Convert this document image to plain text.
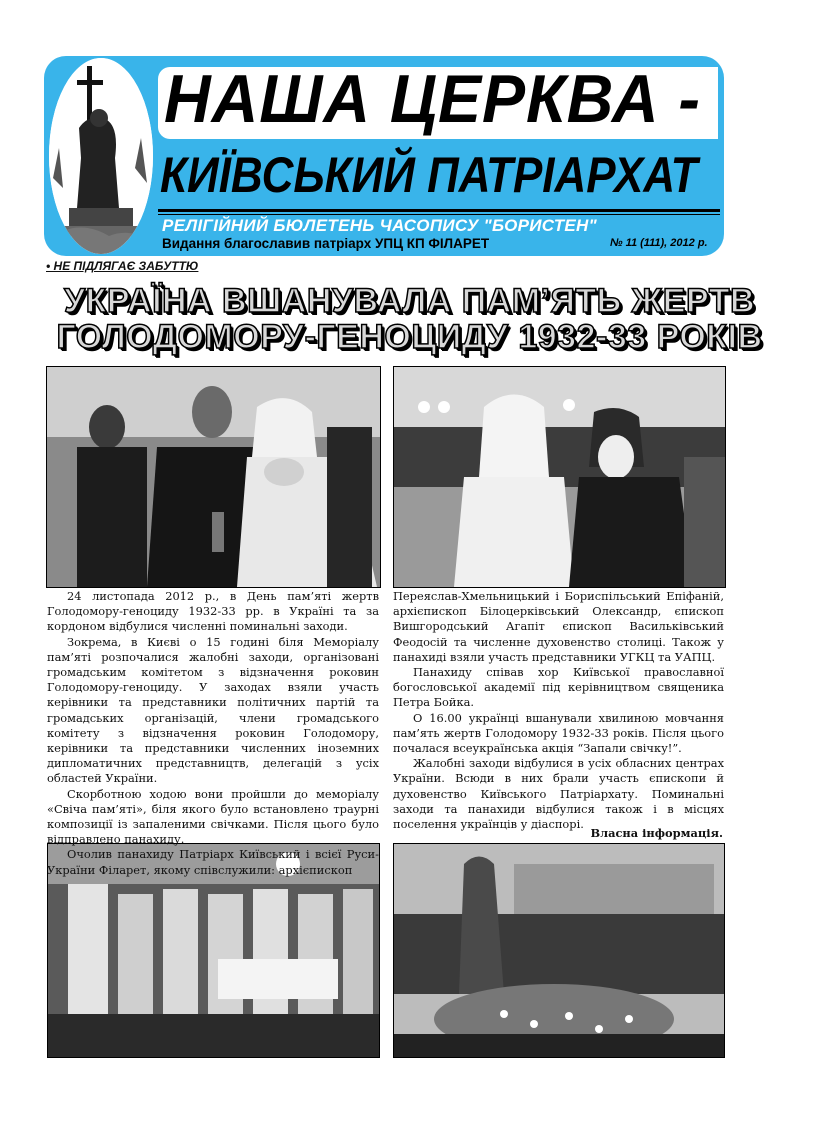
НАША ЦЕРКВА -
КИЇВСЬКИЙ ПАТРІАРХАТ
РЕЛІГІЙНИЙ БЮЛЕТЕНЬ ЧАСОПИСУ "БОРИСТЕН"
Видання благославив патріарх УПЦ КП ФІЛАРЕТ	№ 11 (111), 2012 р.
• НЕ ПІДЛЯГАЄ ЗАБУТТЮ
УКРАЇНА ВШАНУВАЛА ПАМ’ЯТЬ ЖЕРТВ
ГОЛОДОМОРУ-ГЕНОЦИДУ 1932-33 РОКІВ

24 листопада 2012 р., в День пам’яті жертв Голодомору-геноциду 1932-33 рр. в Україні та за кордоном відбулися численні поминальні заходи.

Зокрема, в Києві о 15 годині біля Меморіалу пам’яті розпочалися жалобні заходи, організовані громадським комітетом з відзначення роковин Голодомору-геноциду. У заходах взяли участь керівники та представники політичних партій та громадських організацій, члени громадського комітету з відзначення роковин Голодомору, керівники та представники численних іноземних дипломатичних представництв, делегацій з усіх областей України.

Скорботною ходою вони пройшли до меморіалу «Свіча пам’яті», біля якого було встановлено траурні композиції із запаленими свічками. Після цього було відправлено панахиду.

Очолив панахиду Патріарх Київський і всієї Руси-України Філарет, якому співслужили: архієпископ

Переяслав-Хмельницький і Бориспільський Епіфаній, архієпископ Білоцерківський Олександр, єпископ Вишгородський Агапіт єпископ Васильківський Феодосій та численне духовенство столиці. Також у панахиді взяли участь представники УГКЦ та УАПЦ.

Панахиду співав хор Київської православної богословської академії під керівництвом священика Петра Бойка.

О 16.00 українці вшанували хвилиною мовчання пам’ять жертв Голодомору 1932-33 років. Після цього почалася всеукраїнська акція “Запали свічку!”.

Жалобні заходи відбулися в усіх обласних центрах України. Всюди в них брали участь єпископи й духовенство Київського Патріархату. Поминальні заходи та панахиди відбулися також і в місцях поселення українців у діаспорі.

Власна інформація.
